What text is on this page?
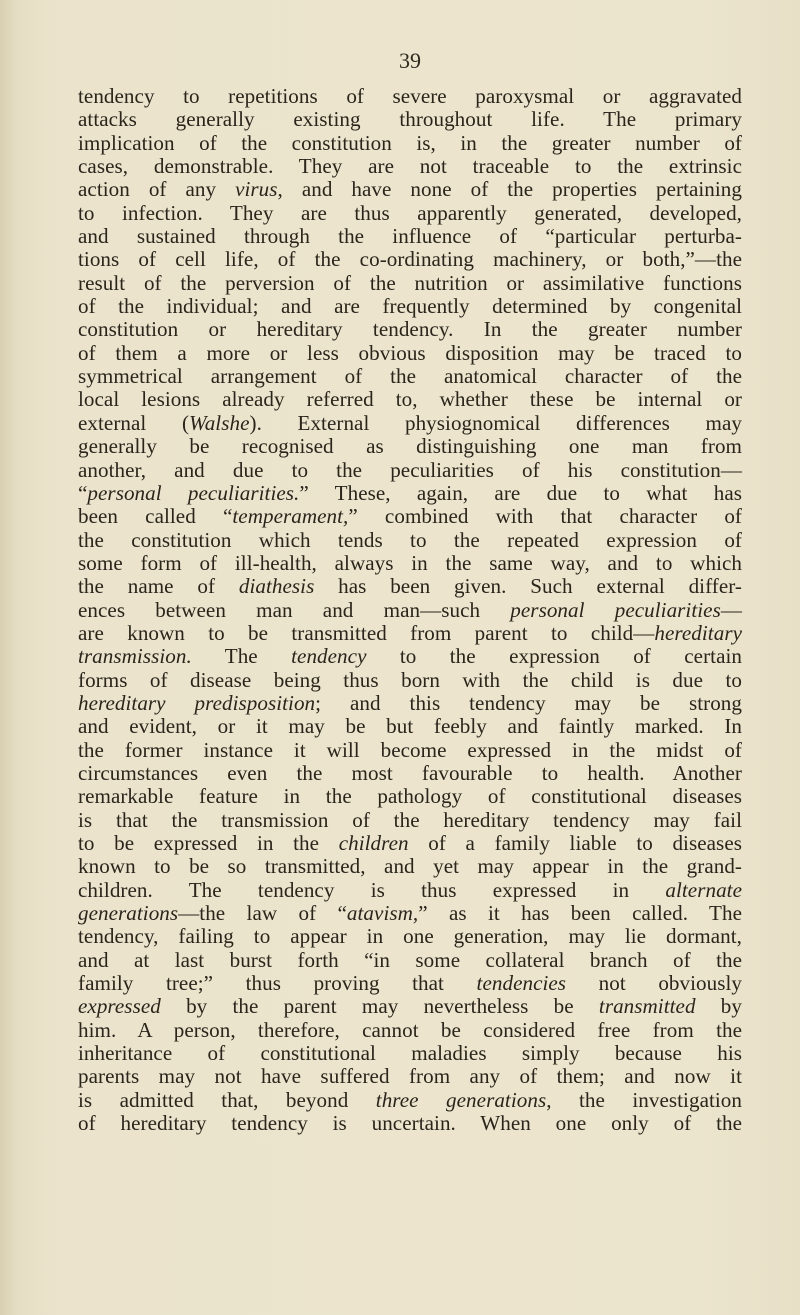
39
tendency to repetitions of severe paroxysmal or aggravated
attacks generally existing throughout life. The primary
implication of the constitution is, in the greater number of
cases, demonstrable. They are not traceable to the extrinsic
action of any virus, and have none of the properties pertaining
to infection. They are thus apparently generated, developed,
and sustained through the influence of “particular perturba-
tions of cell life, of the co-ordinating machinery, or both,”—the
result of the perversion of the nutrition or assimilative functions
of the individual; and are frequently determined by congenital
constitution or hereditary tendency. In the greater number
of them a more or less obvious disposition may be traced to
symmetrical arrangement of the anatomical character of the
local lesions already referred to, whether these be internal or
external (Walshe). External physiognomical differences may
generally be recognised as distinguishing one man from
another, and due to the peculiarities of his constitution—
“personal peculiarities.” These, again, are due to what has
been called “temperament,” combined with that character of
the constitution which tends to the repeated expression of
some form of ill-health, always in the same way, and to which
the name of diathesis has been given. Such external differ-
ences between man and man—such personal peculiarities—
are known to be transmitted from parent to child—hereditary
transmission. The tendency to the expression of certain
forms of disease being thus born with the child is due to
hereditary predisposition; and this tendency may be strong
and evident, or it may be but feebly and faintly marked. In
the former instance it will become expressed in the midst of
circumstances even the most favourable to health. Another
remarkable feature in the pathology of constitutional diseases
is that the transmission of the hereditary tendency may fail
to be expressed in the children of a family liable to diseases
known to be so transmitted, and yet may appear in the grand-
children. The tendency is thus expressed in alternate
generations—the law of “atavism,” as it has been called. The
tendency, failing to appear in one generation, may lie dormant,
and at last burst forth “in some collateral branch of the
family tree;” thus proving that tendencies not obviously
expressed by the parent may nevertheless be transmitted by
him. A person, therefore, cannot be considered free from the
inheritance of constitutional maladies simply because his
parents may not have suffered from any of them; and now it
is admitted that, beyond three generations, the investigation
of hereditary tendency is uncertain. When one only of the
